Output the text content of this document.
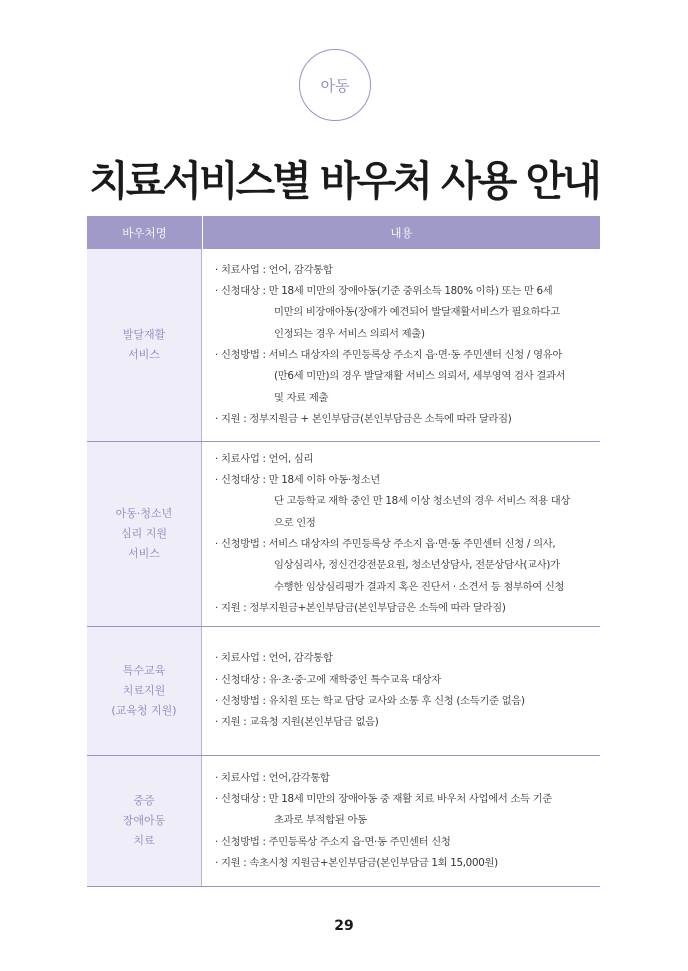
아동
치료서비스별 바우처 사용 안내
바우처명	내용
발달재활
서비스
· 치료사업 : 언어, 감각통합
· 신청대상 : 만 18세 미만의 장애아동(기준 중위소득 180% 이하) 또는 만 6세
미만의 비장애아동(장애가 예견되어 발달재활서비스가 필요하다고
인정되는 경우 서비스 의뢰서 제출)
· 신청방법 : 서비스 대상자의 주민등록상 주소지 읍·면·동 주민센터 신청 / 영유아
(만6세 미만)의 경우 발달재활 서비스 의뢰서, 세부영역 검사 결과서
및 자료 제출
· 지원 : 정부지원금 + 본인부담금(본인부담금은 소득에 따라 달라짐)
아동·청소년
심리 지원
서비스
· 치료사업 : 언어, 심리
· 신청대상 : 만 18세 이하 아동·청소년
단 고등학교 재학 중인 만 18세 이상 청소년의 경우 서비스 적용 대상
으로 인정
· 신청방법 : 서비스 대상자의 주민등록상 주소지 읍·면·동 주민센터 신청 / 의사,
임상심리사, 정신건강전문요원, 청소년상담사, 전문상담사(교사)가
수행한 임상심리평가 결과지 혹은 진단서 · 소견서 등 첨부하여 신청
· 지원 : 정부지원금+본인부담금(본인부담금은 소득에 따라 달라짐)
특수교육
치료지원
(교육청 지원)
· 치료사업 : 언어, 감각통합
· 신청대상 : 유·초·중·고에 재학중인 특수교육 대상자
· 신청방법 : 유치원 또는 학교 담당 교사와 소통 후 신청 (소득기준 없음)
· 지원 : 교육청 지원(본인부담금 없음)
중증
장애아동
치료
· 치료사업 : 언어,감각통합
· 신청대상 : 만 18세 미만의 장애아동 중 재활 치료 바우처 사업에서 소득 기준
초과로 부적합된 아동
· 신청방법 : 주민등록상 주소지 읍·면·동 주민센터 신청
· 지원 : 속초시청 지원금+본인부담금(본인부담금 1회 15,000원)
29
